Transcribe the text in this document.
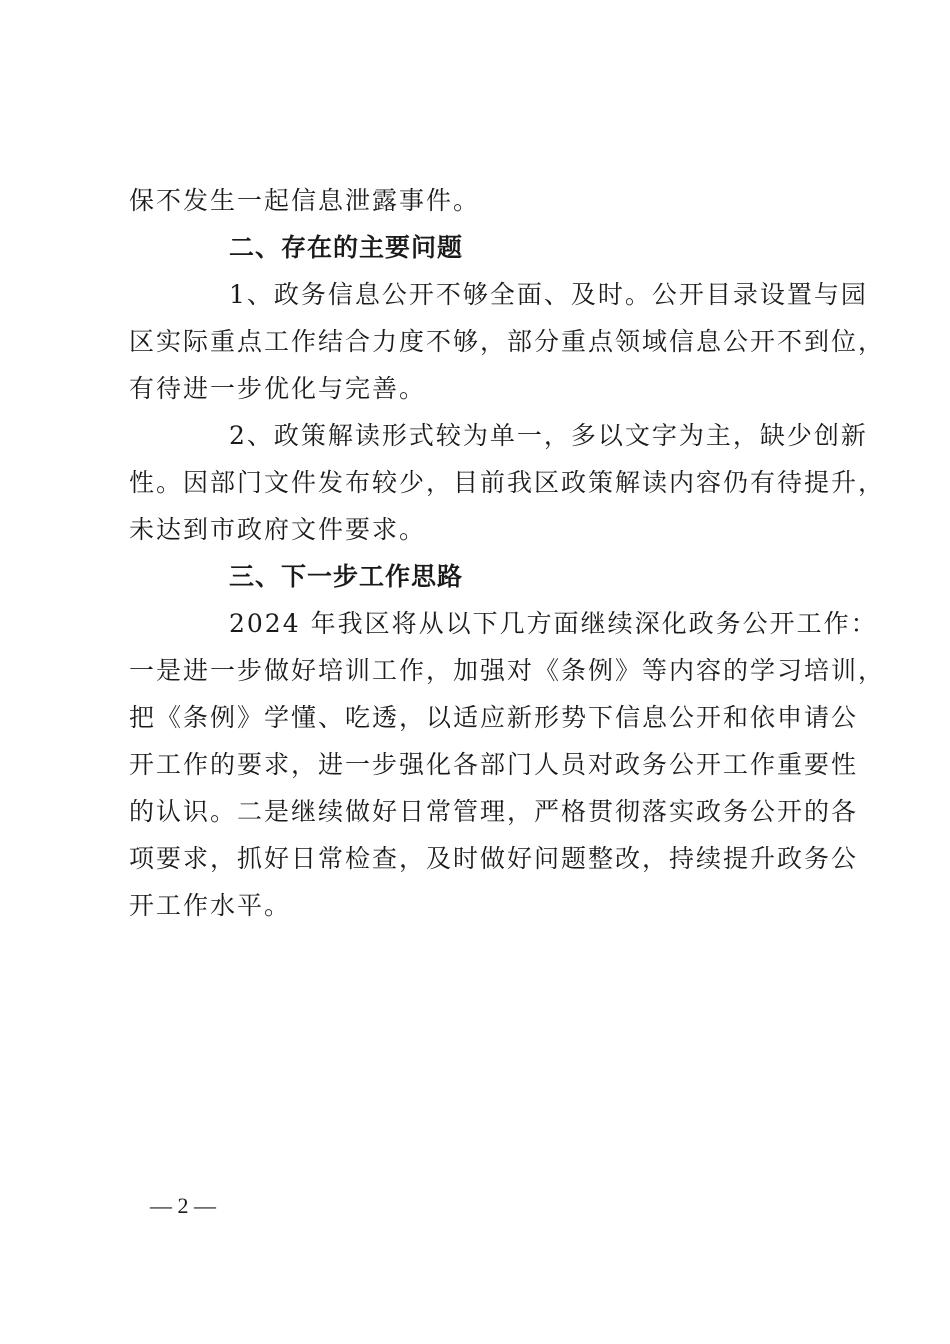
保不发生一起信息泄露事件。
二、存在的主要问题
1、政务信息公开不够全面、及时。公开目录设置与园
区实际重点工作结合力度不够，部分重点领域信息公开不到位，
有待进一步优化与完善。
2、政策解读形式较为单一，多以文字为主，缺少创新
性。因部门文件发布较少，目前我区政策解读内容仍有待提升，
未达到市政府文件要求。
三、下一步工作思路
2024 年我区将从以下几方面继续深化政务公开工作：
一是进一步做好培训工作，加强对《条例》等内容的学习培训，
把《条例》学懂、吃透，以适应新形势下信息公开和依申请公
开工作的要求，进一步强化各部门人员对政务公开工作重要性
的认识。二是继续做好日常管理，严格贯彻落实政务公开的各
项要求，抓好日常检查，及时做好问题整改，持续提升政务公
开工作水平。
— 2 —
